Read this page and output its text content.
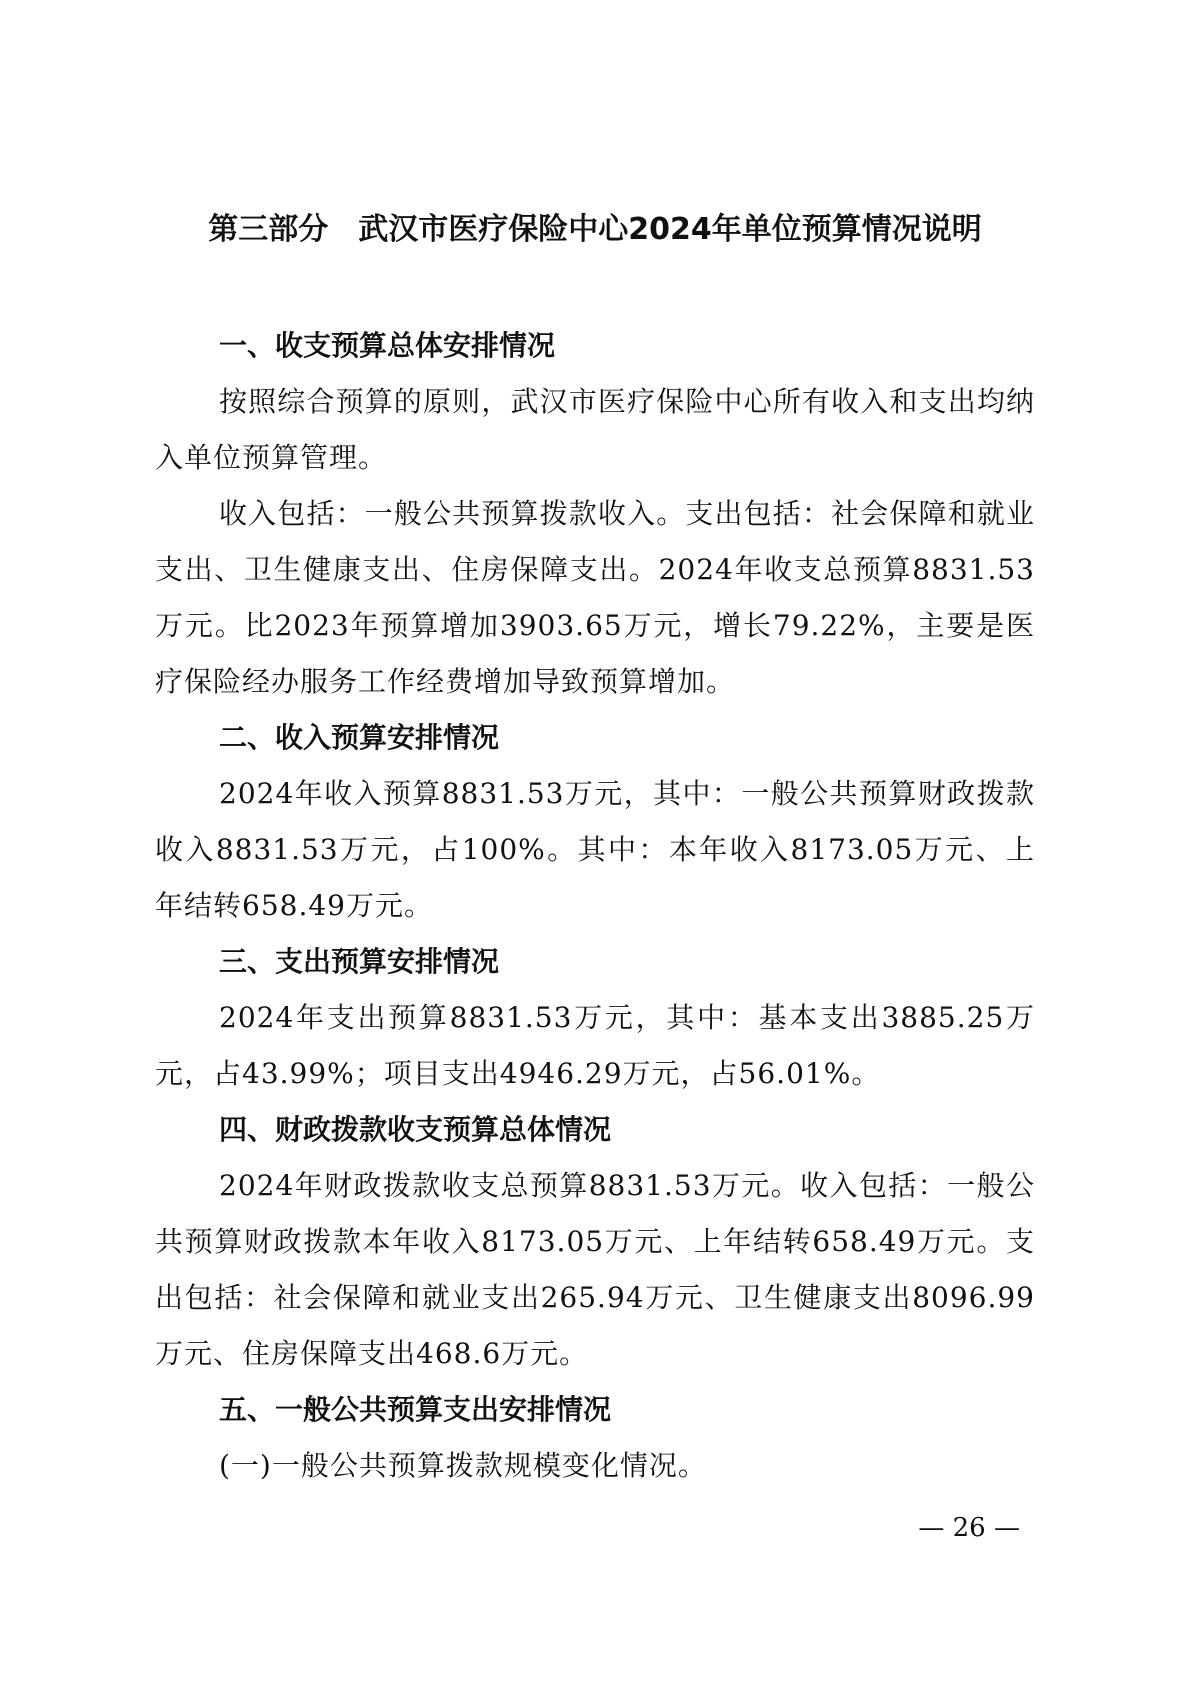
第三部分　武汉市医疗保险中心2024年单位预算情况说明

一、收支预算总体安排情况

按照综合预算的原则，武汉市医疗保险中心所有收入和支出均纳入单位预算管理。

收入包括：一般公共预算拨款收入。支出包括：社会保障和就业支出、卫生健康支出、住房保障支出。2024年收支总预算8831.53万元。比2023年预算增加3903.65万元，增长79.22%，主要是医疗保险经办服务工作经费增加导致预算增加。

二、收入预算安排情况

2024年收入预算8831.53万元，其中：一般公共预算财政拨款收入8831.53万元，占100%。其中：本年收入8173.05万元、上年结转658.49万元。

三、支出预算安排情况

2024年支出预算8831.53万元，其中：基本支出3885.25万元，占43.99%；项目支出4946.29万元，占56.01%。

四、财政拨款收支预算总体情况

2024年财政拨款收支总预算8831.53万元。收入包括：一般公共预算财政拨款本年收入8173.05万元、上年结转658.49万元。支出包括：社会保障和就业支出265.94万元、卫生健康支出8096.99万元、住房保障支出468.6万元。

五、一般公共预算支出安排情况

(一)一般公共预算拨款规模变化情况。

— 26 —
